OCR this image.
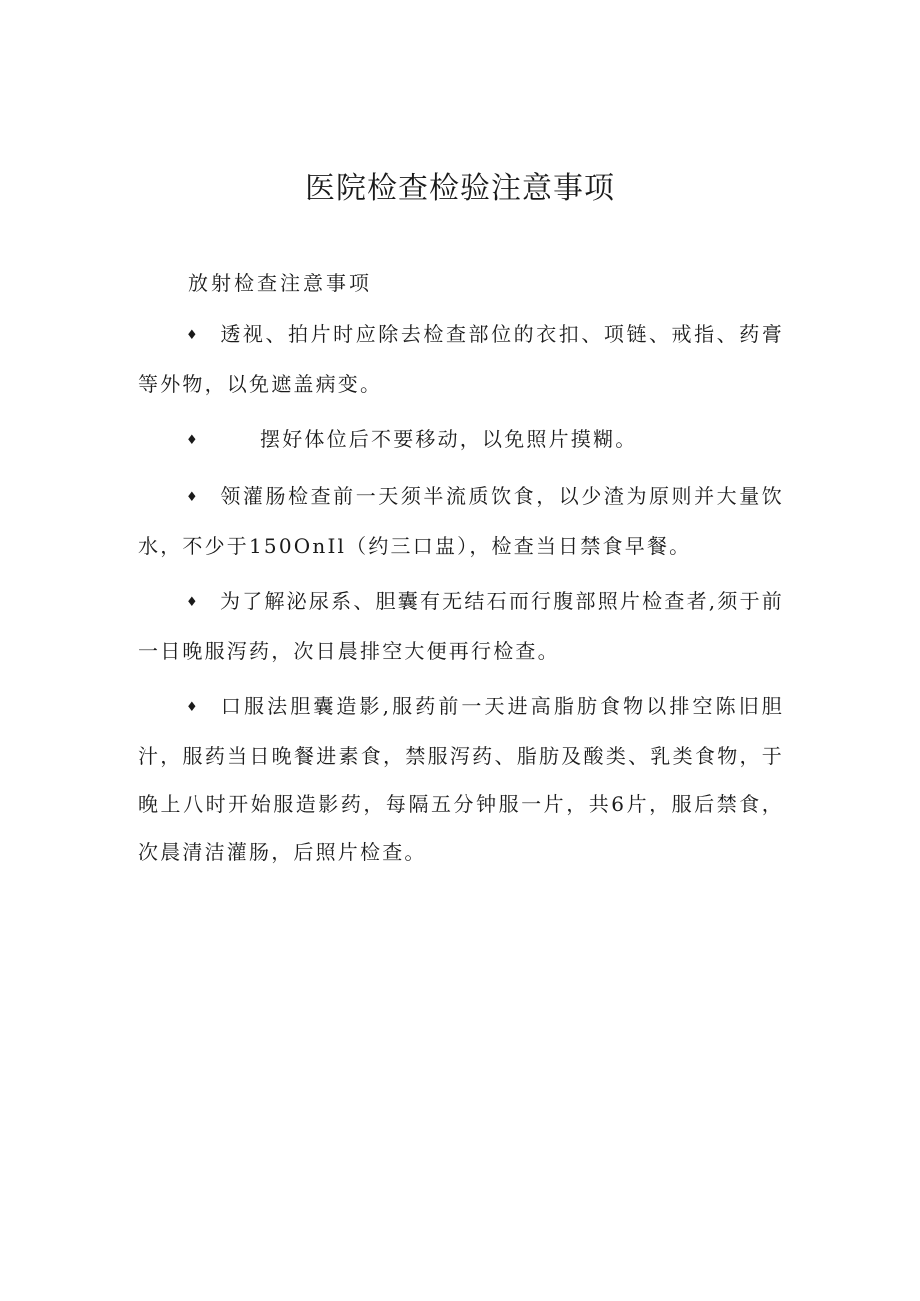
医院检查检验注意事项
放射检查注意事项

♦ 透视、拍片时应除去检查部位的衣扣、项链、戒指、药膏等外物，以免遮盖病变。

♦	摆好体位后不要移动，以免照片摸糊。

♦ 领灌肠检查前一天须半流质饮食，以少渣为原则并大量饮水，不少于150OnIl（约三口盅），检查当日禁食早餐。

♦ 为了解泌尿系、胆囊有无结石而行腹部照片检查者,须于前一日晚服泻药，次日晨排空大便再行检查。

♦ 口服法胆囊造影,服药前一天进高脂肪食物以排空陈旧胆汁，服药当日晚餐进素食，禁服泻药、脂肪及酸类、乳类食物，于晚上八时开始服造影药，每隔五分钟服一片，共6片，服后禁食，次晨清洁灌肠，后照片检查。
